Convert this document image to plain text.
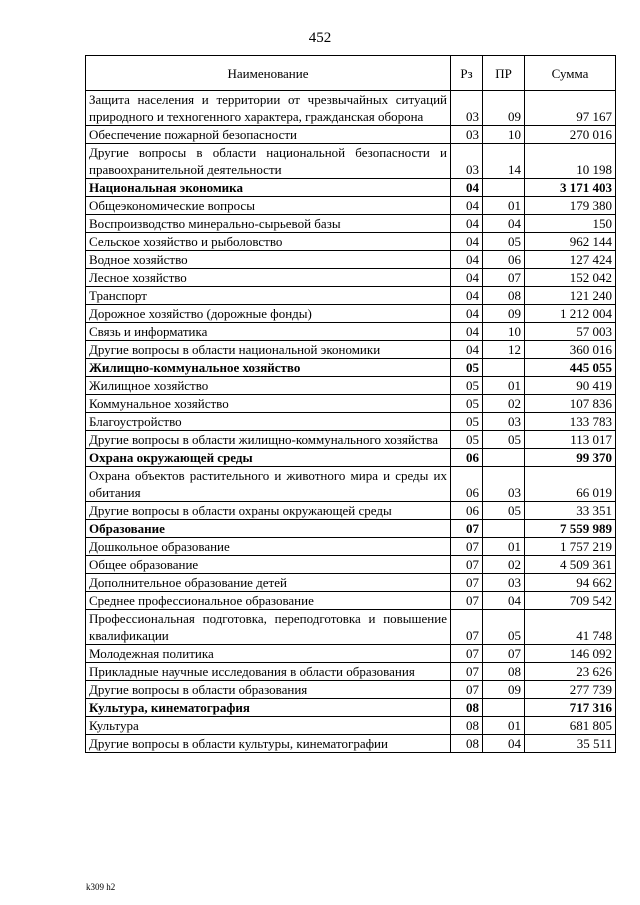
452
Наименование	Рз	ПР	Сумма
Защита населения и территории от чрезвычайных ситуаций природного и техногенного характера, гражданская оборона	03	09	97 167
Обеспечение пожарной безопасности	03	10	270 016
Другие вопросы в области национальной безопасности и правоохранительной деятельности	03	14	10 198
Национальная экономика	04		3 171 403
Общеэкономические вопросы	04	01	179 380
Воспроизводство минерально-сырьевой базы	04	04	150
Сельское хозяйство и рыболовство	04	05	962 144
Водное хозяйство	04	06	127 424
Лесное хозяйство	04	07	152 042
Транспорт	04	08	121 240
Дорожное хозяйство (дорожные фонды)	04	09	1 212 004
Связь и информатика	04	10	57 003
Другие вопросы в области национальной экономики	04	12	360 016
Жилищно-коммунальное хозяйство	05		445 055
Жилищное хозяйство	05	01	90 419
Коммунальное хозяйство	05	02	107 836
Благоустройство	05	03	133 783
Другие вопросы в области жилищно-коммунального хозяйства	05	05	113 017
Охрана окружающей среды	06		99 370
Охрана объектов растительного и животного мира и среды их обитания	06	03	66 019
Другие вопросы в области охраны окружающей среды	06	05	33 351
Образование	07		7 559 989
Дошкольное образование	07	01	1 757 219
Общее образование	07	02	4 509 361
Дополнительное образование детей	07	03	94 662
Среднее профессиональное образование	07	04	709 542
Профессиональная подготовка, переподготовка и повышение квалификации	07	05	41 748
Молодежная политика	07	07	146 092
Прикладные научные исследования в области образования	07	08	23 626
Другие вопросы в области образования	07	09	277 739
Культура, кинематография	08		717 316
Культура	08	01	681 805
Другие вопросы в области культуры, кинематографии	08	04	35 511
k309 h2
